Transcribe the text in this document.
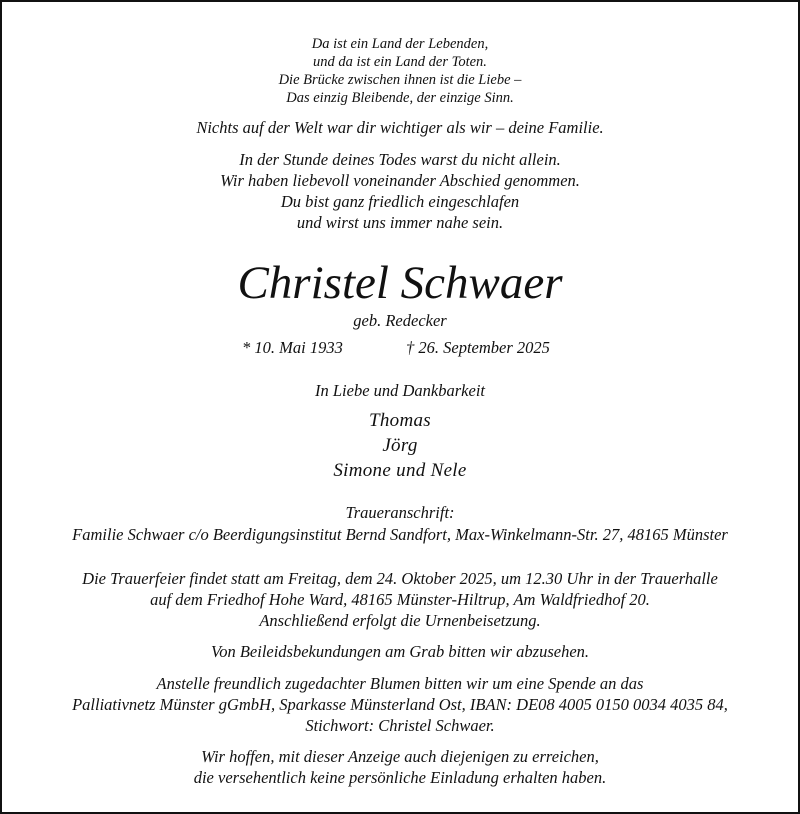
Da ist ein Land der Lebenden,
und da ist ein Land der Toten.
Die Brücke zwischen ihnen ist die Liebe –
Das einzig Bleibende, der einzige Sinn.
Nichts auf der Welt war dir wichtiger als wir – deine Familie.
In der Stunde deines Todes warst du nicht allein.
Wir haben liebevoll voneinander Abschied genommen.
Du bist ganz friedlich eingeschlafen
und wirst uns immer nahe sein.
Christel Schwaer
geb. Redecker
* 10. Mai 1933	† 26. September 2025
In Liebe und Dankbarkeit
Thomas
Jörg
Simone und Nele
Traueranschrift:
Familie Schwaer c/o Beerdigungsinstitut Bernd Sandfort, Max-Winkelmann-Str. 27, 48165 Münster
Die Trauerfeier findet statt am Freitag, dem 24. Oktober 2025, um 12.30 Uhr in der Trauerhalle
auf dem Friedhof Hohe Ward, 48165 Münster-Hiltrup, Am Waldfriedhof 20.
Anschließend erfolgt die Urnenbeisetzung.
Von Beileidsbekundungen am Grab bitten wir abzusehen.
Anstelle freundlich zugedachter Blumen bitten wir um eine Spende an das
Palliativnetz Münster gGmbH, Sparkasse Münsterland Ost, IBAN: DE08 4005 0150 0034 4035 84,
Stichwort: Christel Schwaer.
Wir hoffen, mit dieser Anzeige auch diejenigen zu erreichen,
die versehentlich keine persönliche Einladung erhalten haben.
